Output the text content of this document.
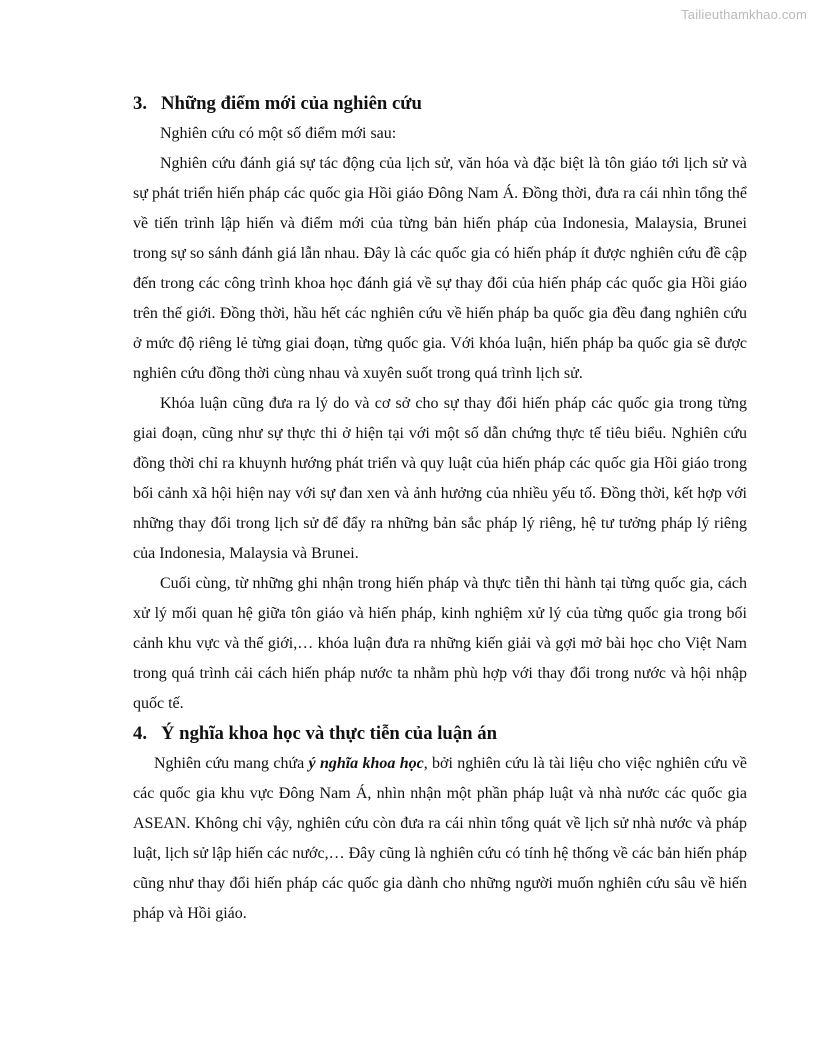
Tailieuthamkhao.com
3. Những điểm mới của nghiên cứu

Nghiên cứu có một số điểm mới sau:

Nghiên cứu đánh giá sự tác động của lịch sử, văn hóa và đặc biệt là tôn giáo tới lịch sử và sự phát triển hiến pháp các quốc gia Hồi giáo Đông Nam Á. Đồng thời, đưa ra cái nhìn tổng thể về tiến trình lập hiến và điểm mới của từng bản hiến pháp của Indonesia, Malaysia, Brunei trong sự so sánh đánh giá lẫn nhau. Đây là các quốc gia có hiến pháp ít được nghiên cứu đề cập đến trong các công trình khoa học đánh giá về sự thay đổi của hiến pháp các quốc gia Hồi giáo trên thế giới. Đồng thời, hầu hết các nghiên cứu về hiến pháp ba quốc gia đều đang nghiên cứu ở mức độ riêng lẻ từng giai đoạn, từng quốc gia. Với khóa luận, hiến pháp ba quốc gia sẽ được nghiên cứu đồng thời cùng nhau và xuyên suốt trong quá trình lịch sử.

Khóa luận cũng đưa ra lý do và cơ sở cho sự thay đổi hiến pháp các quốc gia trong từng giai đoạn, cũng như sự thực thi ở hiện tại với một số dẫn chứng thực tế tiêu biểu. Nghiên cứu đồng thời chỉ ra khuynh hướng phát triển và quy luật của hiến pháp các quốc gia Hồi giáo trong bối cảnh xã hội hiện nay với sự đan xen và ảnh hưởng của nhiều yếu tố. Đồng thời, kết hợp với những thay đổi trong lịch sử để đẩy ra những bản sắc pháp lý riêng, hệ tư tưởng pháp lý riêng của Indonesia, Malaysia và Brunei.

Cuối cùng, từ những ghi nhận trong hiến pháp và thực tiễn thi hành tại từng quốc gia, cách xử lý mối quan hệ giữa tôn giáo và hiến pháp, kinh nghiệm xử lý của từng quốc gia trong bối cảnh khu vực và thế giới,… khóa luận đưa ra những kiến giải và gợi mở bài học cho Việt Nam trong quá trình cải cách hiến pháp nước ta nhằm phù hợp với thay đổi trong nước và hội nhập quốc tế.

4. Ý nghĩa khoa học và thực tiễn của luận án

Nghiên cứu mang chứa ý nghĩa khoa học, bởi nghiên cứu là tài liệu cho việc nghiên cứu về các quốc gia khu vực Đông Nam Á, nhìn nhận một phần pháp luật và nhà nước các quốc gia ASEAN. Không chỉ vậy, nghiên cứu còn đưa ra cái nhìn tổng quát về lịch sử nhà nước và pháp luật, lịch sử lập hiến các nước,… Đây cũng là nghiên cứu có tính hệ thống về các bản hiến pháp cũng như thay đổi hiến pháp các quốc gia dành cho những người muốn nghiên cứu sâu về hiến pháp và Hồi giáo.
